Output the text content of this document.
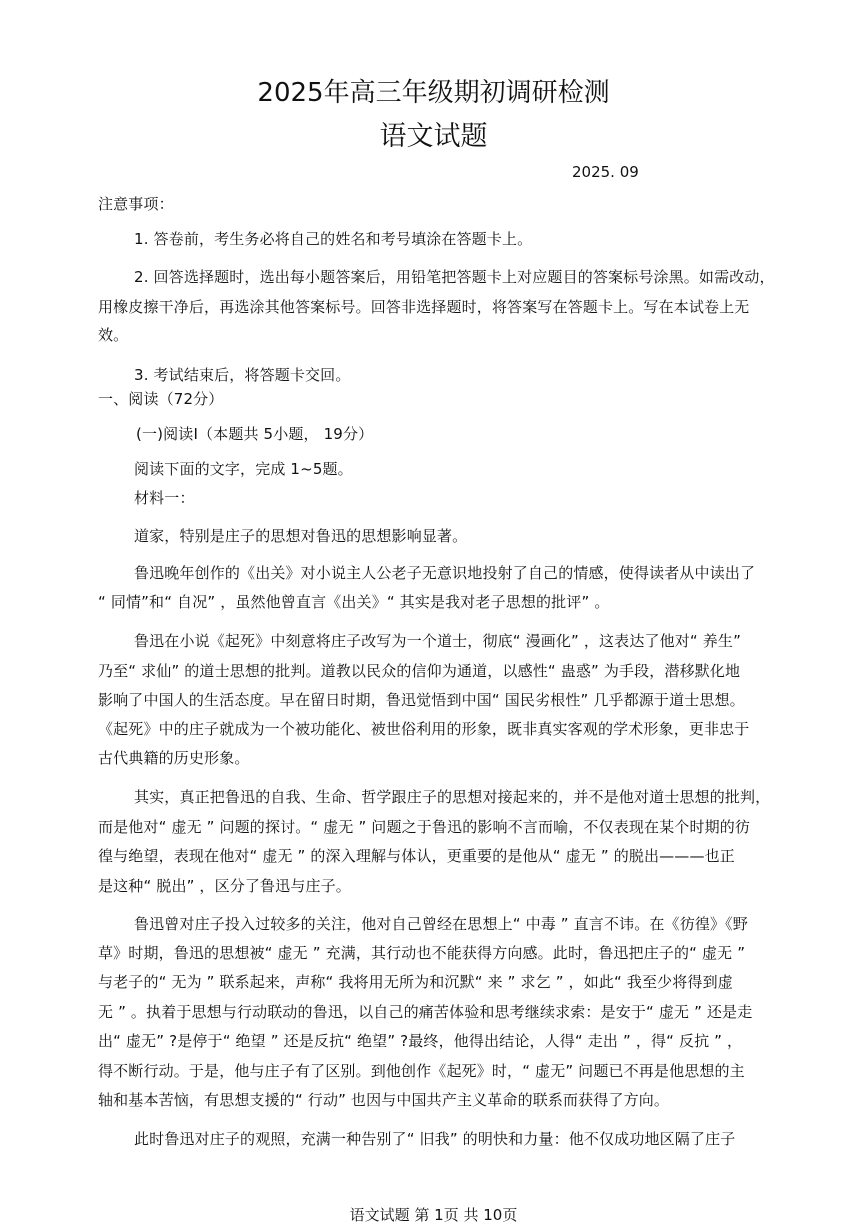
2025年高三年级期初调研检测
语文试题
2025. 09
注意事项：
1. 答卷前，考生务必将自己的姓名和考号填涂在答题卡上。
2. 回答选择题时，选出每小题答案后，用铅笔把答题卡上对应题目的答案标号涂黑。如需改动，
用橡皮擦干净后，再选涂其他答案标号。回答非选择题时，将答案写在答题卡上。写在本试卷上无
效。
3. 考试结束后，将答题卡交回。
一、阅读（72分）
(一)阅读Ⅰ（本题共 5小题， 19分）
阅读下面的文字，完成 1~5题。
材料一：
道家，特别是庄子的思想对鲁迅的思想影响显著。
鲁迅晚年创作的《出关》对小说主人公老子无意识地投射了自己的情感，使得读者从中读出了
“ 同情”和“ 自况” ，虽然他曾直言《出关》“ 其实是我对老子思想的批评” 。
鲁迅在小说《起死》中刻意将庄子改写为一个道士，彻底“ 漫画化” ，这表达了他对“ 养生”
乃至“ 求仙” 的道士思想的批判。道教以民众的信仰为通道，以感性“ 蛊惑” 为手段，潜移默化地
影响了中国人的生活态度。早在留日时期，鲁迅觉悟到中国“ 国民劣根性” 几乎都源于道士思想。
《起死》中的庄子就成为一个被功能化、被世俗利用的形象，既非真实客观的学术形象，更非忠于
古代典籍的历史形象。
其实，真正把鲁迅的自我、生命、哲学跟庄子的思想对接起来的，并不是他对道士思想的批判，
而是他对“ 虚无 ” 问题的探讨。“ 虚无 ” 问题之于鲁迅的影响不言而喻，不仅表现在某个时期的彷
徨与绝望，表现在他对“ 虚无 ” 的深入理解与体认，更重要的是他从“ 虚无 ” 的脱出———也正
是这种“ 脱出” ，区分了鲁迅与庄子。
鲁迅曾对庄子投入过较多的关注，他对自己曾经在思想上“ 中毒 ” 直言不讳。在《彷徨》《野
草》时期，鲁迅的思想被“ 虚无 ” 充满，其行动也不能获得方向感。此时，鲁迅把庄子的“ 虚无 ”
与老子的“ 无为 ” 联系起来，声称“ 我将用无所为和沉默“ 来 ” 求乞 ” ，如此“ 我至少将得到虚
无 ” 。执着于思想与行动联动的鲁迅，以自己的痛苦体验和思考继续求索：是安于“ 虚无 ” 还是走
出“ 虚无” ?是停于“ 绝望 ” 还是反抗“ 绝望” ?最终，他得出结论，人得“ 走出 ” ，得“ 反抗 ” ，
得不断行动。于是，他与庄子有了区别。到他创作《起死》时，“ 虚无” 问题已不再是他思想的主
轴和基本苦恼，有思想支援的“ 行动” 也因与中国共产主义革命的联系而获得了方向。
此时鲁迅对庄子的观照，充满一种告别了“ 旧我” 的明快和力量：他不仅成功地区隔了庄子
语文试题 第 1页 共 10页
